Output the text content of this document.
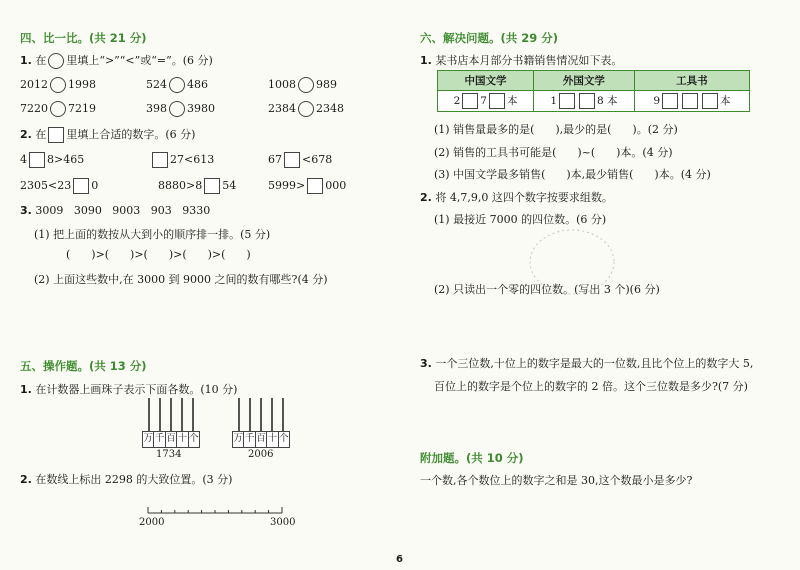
四、比一比。(共 21 分)
1. 在 里填上“>”“<”或“=”。(6 分)
2012 1998	524 486	1008 989
7220 7219	398 3980	2384 2348
2. 在 里填上合适的数字。(6 分)
4 8>465	27<613	67 <678
2305<23 0	8880>8 54	5999> 000
3. 3009   3090   9003   903   9330
(1) 把上面的数按从大到小的顺序排一排。(5 分)
(      )>(      )>(      )>(      )>(      )
(2) 上面这些数中,在 3000 到 9000 之间的数有哪些?(4 分)
五、操作题。(共 13 分)
1. 在计数器上画珠子表示下面各数。(10 分)
万 千 百 十 个
1734
万 千 百 十 个
2006
2. 在数线上标出 2298 的大致位置。(3 分)
2000	3000
六、解决问题。(共 29 分)
1. 某书店本月部分书籍销售情况如下表。
中国文学	外国文学	工具书
2 7 本	1 8 本	9 本
(1) 销售量最多的是(      ),最少的是(      )。(2 分)
(2) 销售的工具书可能是(      )~(      )本。(4 分)
(3) 中国文学最多销售(      )本,最少销售(      )本。(4 分)
2. 将 4,7,9,0 这四个数字按要求组数。
(1) 最接近 7000 的四位数。(6 分)
(2) 只读出一个零的四位数。(写出 3 个)(6 分)
3. 一个三位数,十位上的数字是最大的一位数,且比个位上的数字大 5,
百位上的数字是个位上的数字的 2 倍。这个三位数是多少?(7 分)
附加题。(共 10 分)
一个数,各个数位上的数字之和是 30,这个数最小是多少?
6
